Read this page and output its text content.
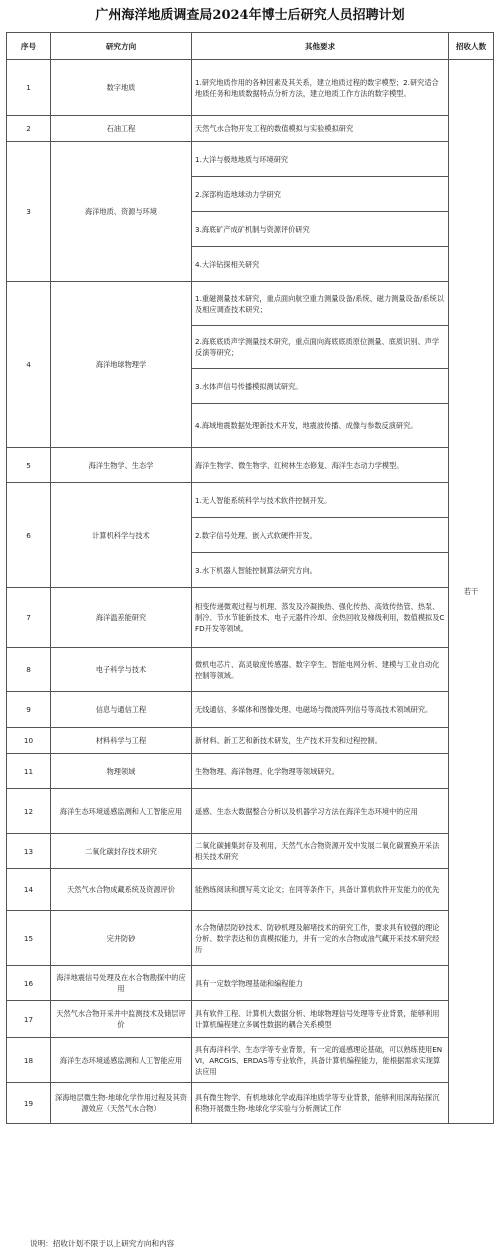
广州海洋地质调查局2024年博士后研究人员招聘计划
序号	研究方向	其他要求	招收人数
1	数字地质	1.研究地质作用的各种因素及其关系，建立地质过程的数字模型；2.研究适合地质任务和地质数据特点分析方法，建立地质工作方法的数字模型。	若干
2	石油工程	天然气水合物开发工程的数值模拟与实验模拟研究	
3	海洋地质、资源与环境	1.大洋与极地地质与环境研究	
		2.深部构造地球动力学研究	
		3.海底矿产成矿机制与资源评价研究	
		4.大洋钻探相关研究	
4	海洋地球物理学	1.重磁测量技术研究，重点面向航空重力测量设备/系统、磁力测量设备/系统以及相应调查技术研究；	
		2.海底底质声学测量技术研究，重点面向海底底质原位测量、底质识别、声学反演等研究；	
		3.水体声信号传播模拟测试研究。	
		4.海域地震数据处理新技术开发，地震波传播、成像与参数反演研究。	
5	海洋生物学、生态学	海洋生物学、微生物学、红树林生态修复、海洋生态动力学模型。	
6	计算机科学与技术	1.无人智能系统科学与技术软件控制开发。	
		2.数字信号处理、嵌入式软硬件开发。	
		3.水下机器人智能控制算法研究方向。	
7	海洋温差能研究	相变传递微观过程与机理、蒸发及冷凝换热、强化传热、高效传热管、热泵、制冷、节水节能新技术、电子元器件冷却、余热回收及梯级利用，数值模拟及CFD开发等领域。	
8	电子科学与技术	微机电芯片、高灵敏度传感器、数字孪生、智能电网分析、建模与工业自动化控制等领域。	
9	信息与通信工程	无线通信、多媒体和图像处理、电磁场与微波阵列信号等高技术领域研究。	
10	材料科学与工程	新材料、新工艺和新技术研发，生产技术开发和过程控制。	
11	物理领域	生物物理、海洋物理、化学物理等领域研究。	
12	海洋生态环境遥感监测和人工智能应用	遥感、生态大数据整合分析以及机器学习方法在海洋生态环境中的应用	
13	二氧化碳封存技术研究	二氧化碳捕集封存及利用，天然气水合物资源开发中发展二氧化碳置换开采法相关技术研究	
14	天然气水合物成藏系统及资源评价	能熟练阅读和撰写英文论文；在同等条件下，具备计算机软件开发能力的优先	
15	完井防砂	水合物储层防砂技术、防砂机理及解堵技术的研究工作，要求具有较强的理论分析、数学表达和仿真模拟能力，并有一定的水合物或油气藏开采技术研究经历	
16	海洋地震信号处理及在水合物勘探中的应用	具有一定数学物理基础和编程能力	
17	天然气水合物开采井中监测技术及储层评价	具有软件工程、计算机大数据分析、地球物理信号处理等专业背景，能够利用计算机编程建立多属性数据的耦合关系模型	
18	海洋生态环境遥感监测和人工智能应用	具有海洋科学、生态学等专业背景，有一定的遥感理论基础，可以熟练使用ENVI、ARCGIS、ERDAS等专业软件，具备计算机编程能力，能根据需求实现算法应用	
19	深海地层微生物-地球化学作用过程及其资源效应（天然气水合物）	具有微生物学、有机地球化学或海洋地质学等专业背景，能够利用深海钻探沉积物开展微生物-地球化学实验与分析测试工作	
说明：招收计划不限于以上研究方向和内容
